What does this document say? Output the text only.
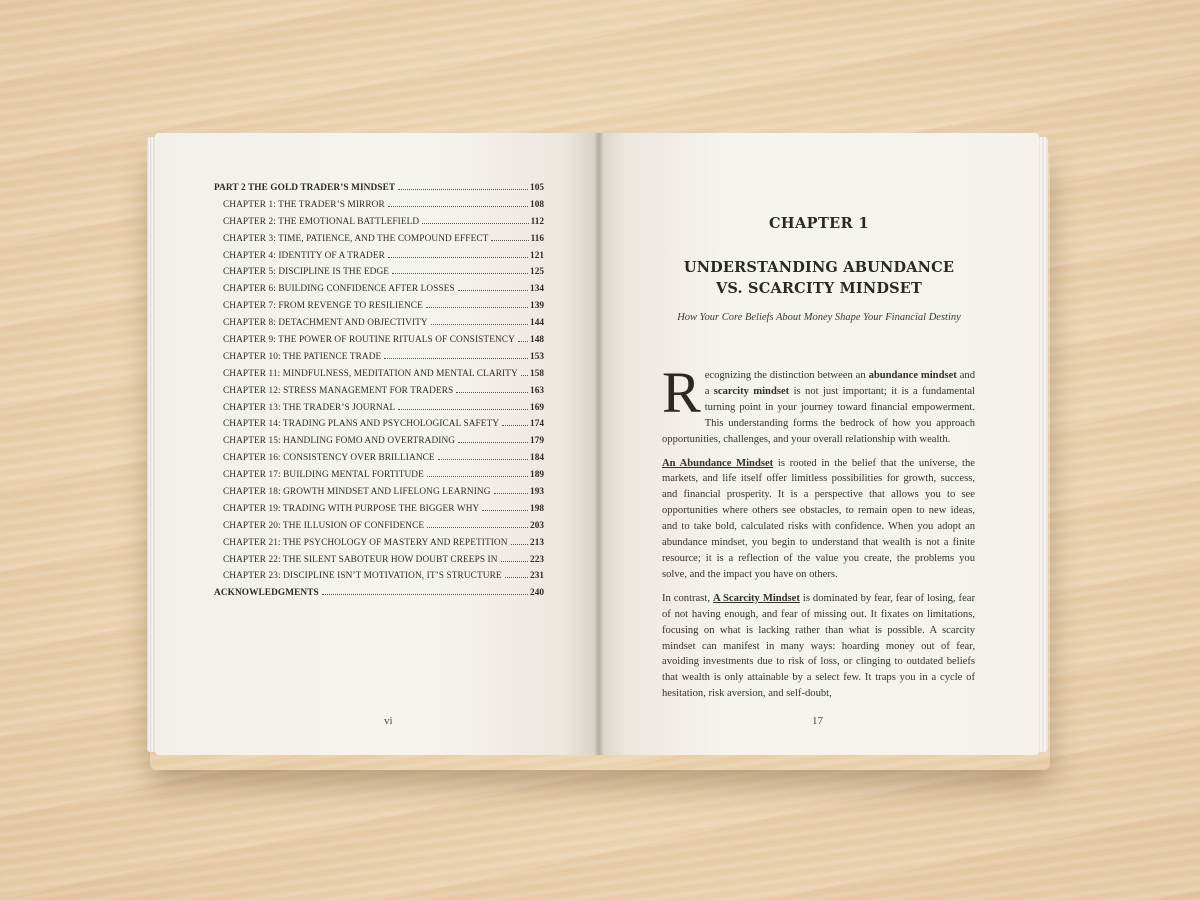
PART 2 THE GOLD TRADER’S MINDSET	105
CHAPTER 1: THE TRADER’S MIRROR	108
CHAPTER 2: THE EMOTIONAL BATTLEFIELD	112
CHAPTER 3: TIME, PATIENCE, AND THE COMPOUND EFFECT	116
CHAPTER 4: IDENTITY OF A TRADER	121
CHAPTER 5: DISCIPLINE IS THE EDGE	125
CHAPTER 6: BUILDING CONFIDENCE AFTER LOSSES	134
CHAPTER 7: FROM REVENGE TO RESILIENCE	139
CHAPTER 8: DETACHMENT AND OBJECTIVITY	144
CHAPTER 9: THE POWER OF ROUTINE RITUALS OF CONSISTENCY 148
CHAPTER 10: THE PATIENCE TRADE	153
CHAPTER 11: MINDFULNESS, MEDITATION AND MENTAL CLARITY 158
CHAPTER 12: STRESS MANAGEMENT FOR TRADERS	163
CHAPTER 13: THE TRADER’S JOURNAL	169
CHAPTER 14: TRADING PLANS AND PSYCHOLOGICAL SAFETY	174
CHAPTER 15: HANDLING FOMO AND OVERTRADING	179
CHAPTER 16: CONSISTENCY OVER BRILLIANCE	184
CHAPTER 17: BUILDING MENTAL FORTITUDE	189
CHAPTER 18: GROWTH MINDSET AND LIFELONG LEARNING	193
CHAPTER 19: TRADING WITH PURPOSE THE BIGGER WHY	198
CHAPTER 20: THE ILLUSION OF CONFIDENCE	203
CHAPTER 21: THE PSYCHOLOGY OF MASTERY AND REPETITION 213
CHAPTER 22: THE SILENT SABOTEUR HOW DOUBT CREEPS IN	223
CHAPTER 23: DISCIPLINE ISN’T MOTIVATION, IT’S STRUCTURE	231
ACKNOWLEDGMENTS	240
vi
CHAPTER 1
UNDERSTANDING ABUNDANCE
VS. SCARCITY MINDSET
How Your Core Beliefs About Money Shape Your Financial Destiny

Recognizing the distinction between an abundance mindset and a scarcity mindset is not just important; it is a fundamental turning point in your journey toward financial empowerment. This understanding forms the bedrock of how you approach opportunities, challenges, and your overall relationship with wealth.

An Abundance Mindset is rooted in the belief that the universe, the markets, and life itself offer limitless possibilities for growth, success, and financial prosperity. It is a perspective that allows you to see opportunities where others see obstacles, to remain open to new ideas, and to take bold, calculated risks with confidence. When you adopt an abundance mindset, you begin to understand that wealth is not a finite resource; it is a reflection of the value you create, the problems you solve, and the impact you have on others.

In contrast, A Scarcity Mindset is dominated by fear, fear of losing, fear of not having enough, and fear of missing out. It fixates on limitations, focusing on what is lacking rather than what is possible. A scarcity mindset can manifest in many ways: hoarding money out of fear, avoiding investments due to risk of loss, or clinging to outdated beliefs that wealth is only attainable by a select few. It traps you in a cycle of hesitation, risk aversion, and self-doubt,

17
